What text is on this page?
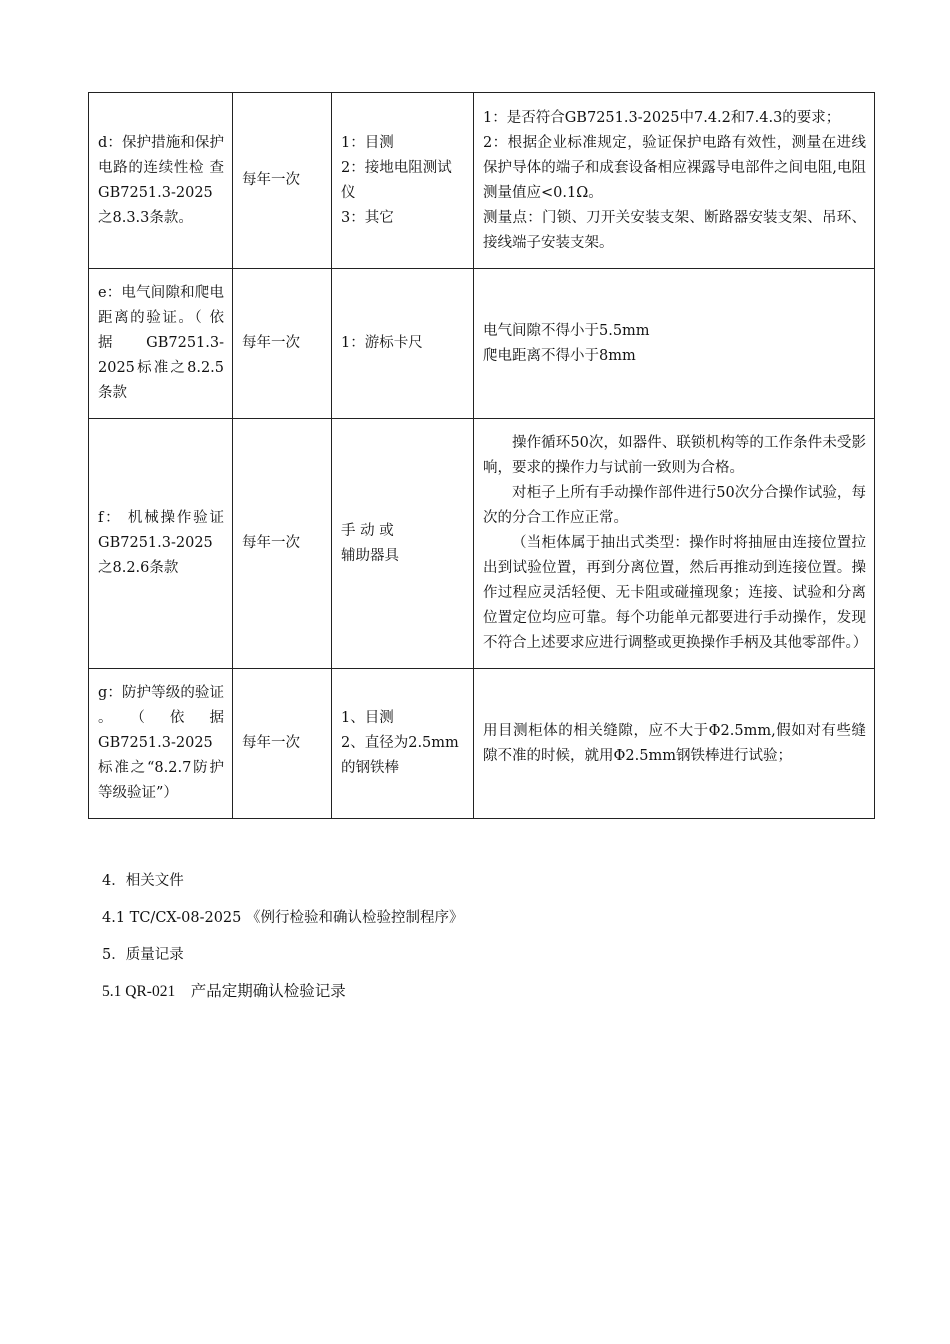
d：保护措施和保护电路的连续性检 查 GB7251.3-2025之8.3.3条款。	每年一次	1：目测
2：接地电阻测试仪
3：其它	1：是否符合GB7251.3-2025中7.4.2和7.4.3的要求；
2：根据企业标准规定，验证保护电路有效性，测量在进线保护导体的端子和成套设备相应裸露导电部件之间电阻,电阻测量值应<0.1Ω。
测量点：门锁、刀开关安装支架、断路器安装支架、吊环、接线端子安装支架。

e：电气间隙和爬电距离的验证。（ 依 据GB7251.3-2025标准之8.2.5条款	每年一次	1：游标卡尺	电气间隙不得小于5.5mm
爬电距离不得小于8mm

f： 机械操作验证 GB7251.3-2025之8.2.6条款	每年一次	手 动 或
辅助器具	操作循环50次，如器件、联锁机构等的工作条件未受影响，要求的操作力与试前一致则为合格。
对柜子上所有手动操作部件进行50次分合操作试验，每次的分合工作应正常。
（当柜体属于抽出式类型：操作时将抽屉由连接位置拉出到试验位置，再到分离位置，然后再推动到连接位置。操作过程应灵活轻便、无卡阻或碰撞现象；连接、试验和分离位置定位均应可靠。每个功能单元都要进行手动操作，发现不符合上述要求应进行调整或更换操作手柄及其他零部件。）

g：防护等级的验证 。（依据GB7251.3-2025标准之“8.2.7防护等级验证”）	每年一次	1、目测
2、直径为2.5mm的钢铁棒	用目测柜体的相关缝隙，应不大于Φ2.5mm,假如对有些缝隙不准的时候，就用Φ2.5mm钢铁棒进行试验；
4．相关文件
4.1 TC/CX-08-2025 《例行检验和确认检验控制程序》
5．质量记录
5.1 QR-021　产品定期确认检验记录
